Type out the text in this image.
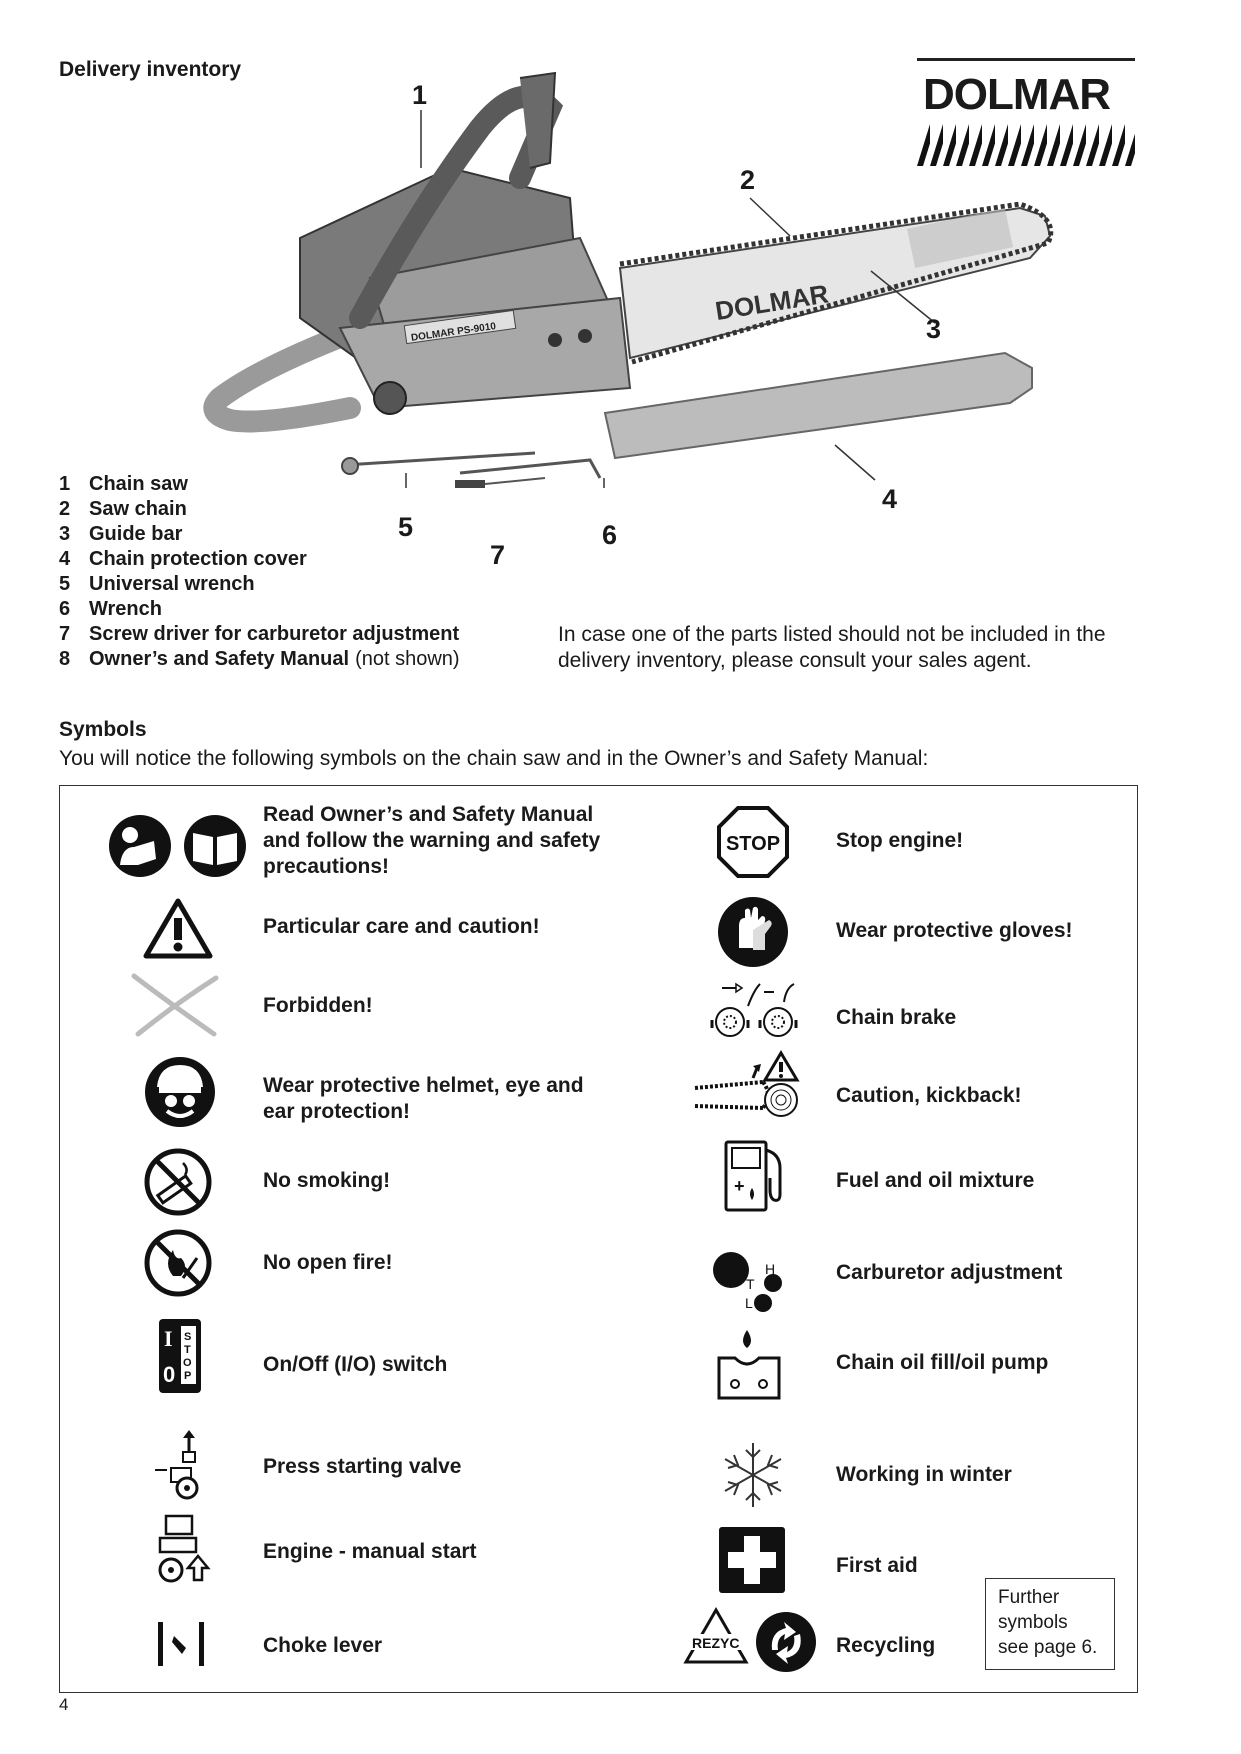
Delivery inventory
DOLMAR
DOLMAR
DOLMAR PS-9010
1
2
3
4
5	6
7
1 Chain saw
2 Saw chain
3 Guide bar
4 Chain protection cover
5 Universal wrench
6 Wrench
7 Screw driver for carburetor adjustment
8 Owner’s and Safety Manual (not shown)
In case one of the parts listed should not be included in the delivery inventory, please consult your sales agent.
Symbols
You will notice the following symbols on the chain saw and in the Owner’s and Safety Manual:
Read Owner’s and Safety Manual and follow the warning and safety precautions!
Particular care and caution!
Forbidden!
Wear protective helmet, eye and ear protection!
No smoking!
No open fire!
On/Off (I/O) switch
Press starting valve
Engine - manual start
Choke lever
Stop engine!
Wear protective gloves!
Chain brake
Caution, kickback!
Fuel and oil mixture
Carburetor adjustment
Chain oil fill/oil pump
Working in winter
First aid
Recycling
I
0
S
T
O
P
STOP
+
H
T
L
REZYC
Further
symbols
see page 6.
4
